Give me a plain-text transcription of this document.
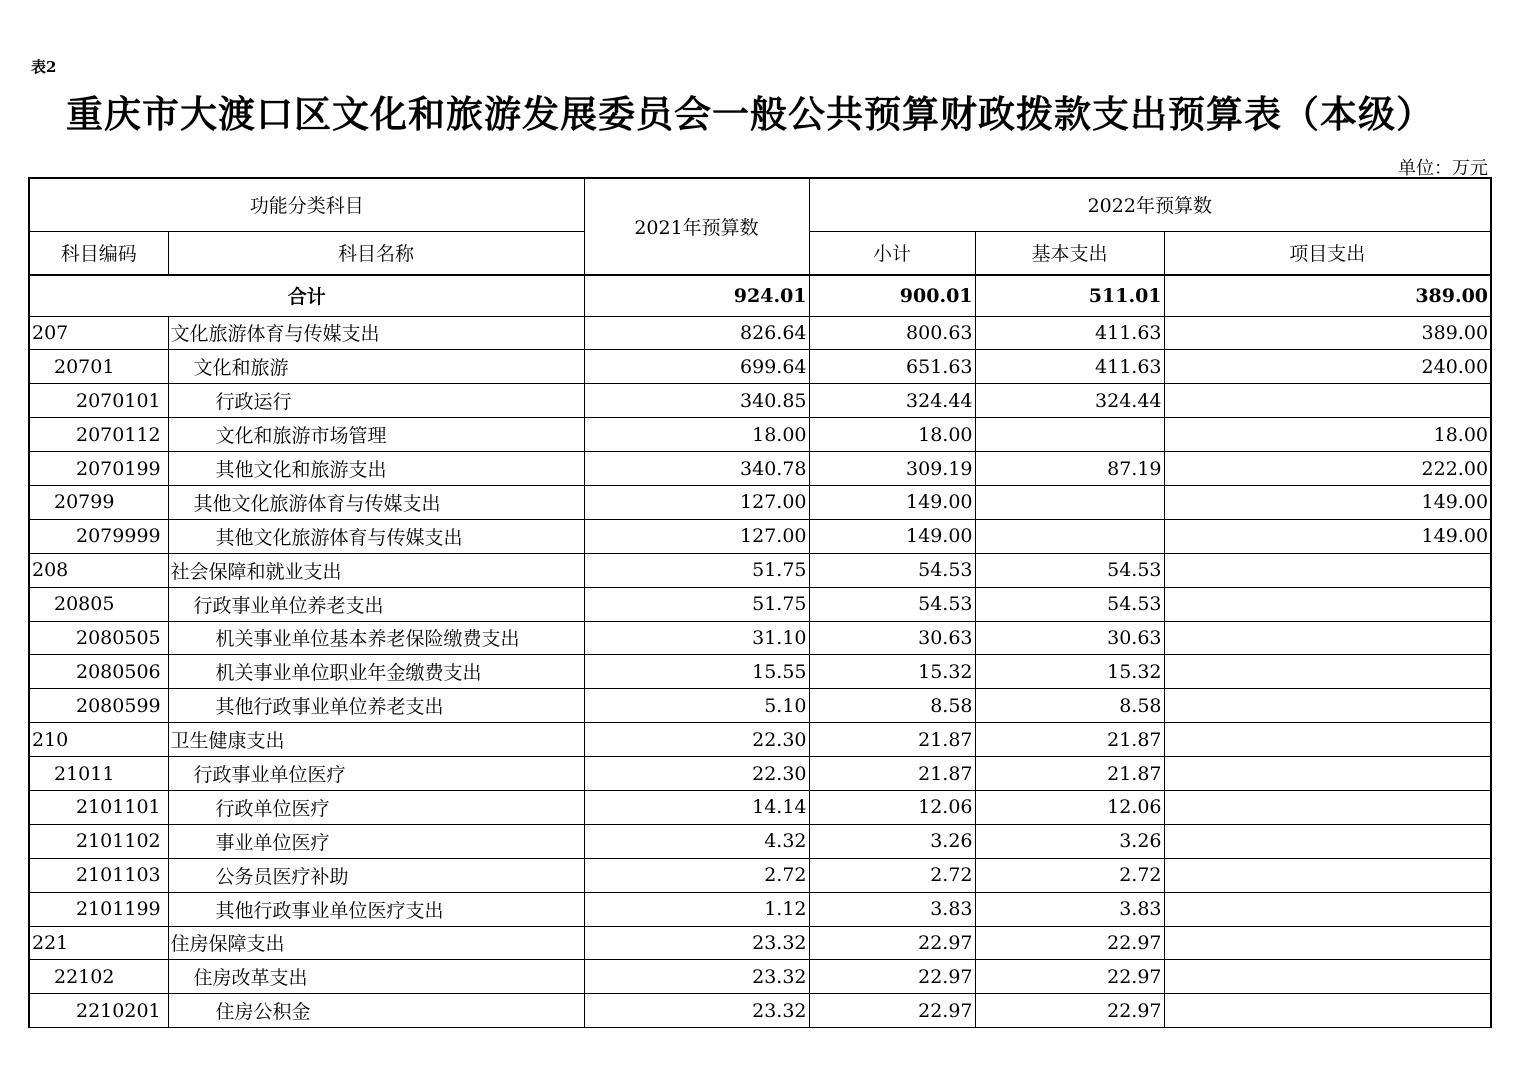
表2
重庆市大渡口区文化和旅游发展委员会一般公共预算财政拨款支出预算表（本级）
单位：万元
功能分类科目		2021年预算数	2022年预算数		
科目编码	科目名称		小计	基本支出	项目支出
合计		924.01	900.01	511.01	389.00
207	文化旅游体育与传媒支出	826.64	800.63	411.63	389.00
20701	文化和旅游	699.64	651.63	411.63	240.00
2070101	行政运行	340.85	324.44	324.44	
2070112	文化和旅游市场管理	18.00	18.00		18.00
2070199	其他文化和旅游支出	340.78	309.19	87.19	222.00
20799	其他文化旅游体育与传媒支出	127.00	149.00		149.00
2079999	其他文化旅游体育与传媒支出	127.00	149.00		149.00
208	社会保障和就业支出	51.75	54.53	54.53	
20805	行政事业单位养老支出	51.75	54.53	54.53	
2080505	机关事业单位基本养老保险缴费支出	31.10	30.63	30.63	
2080506	机关事业单位职业年金缴费支出	15.55	15.32	15.32	
2080599	其他行政事业单位养老支出	5.10	8.58	8.58	
210	卫生健康支出	22.30	21.87	21.87	
21011	行政事业单位医疗	22.30	21.87	21.87	
2101101	行政单位医疗	14.14	12.06	12.06	
2101102	事业单位医疗	4.32	3.26	3.26	
2101103	公务员医疗补助	2.72	2.72	2.72	
2101199	其他行政事业单位医疗支出	1.12	3.83	3.83	
221	住房保障支出	23.32	22.97	22.97	
22102	住房改革支出	23.32	22.97	22.97	
2210201	住房公积金	23.32	22.97	22.97	
